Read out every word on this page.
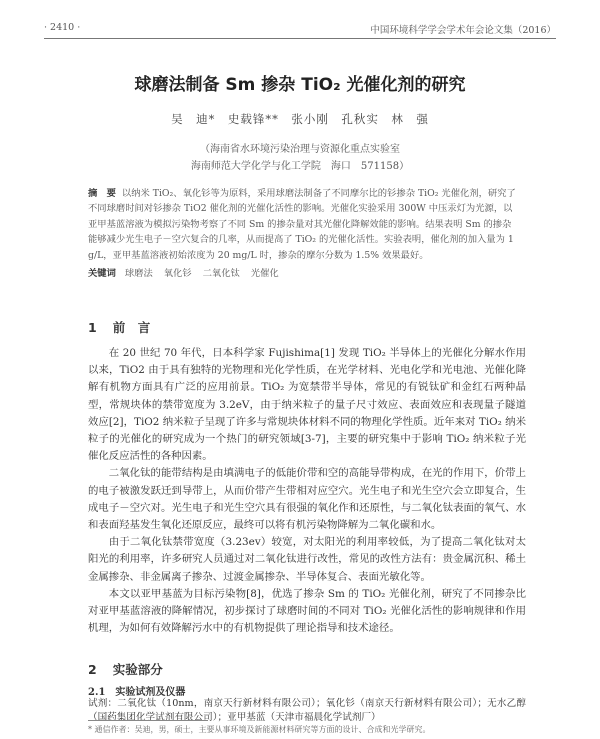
· 2410 ·	中国环境科学学会学术年会论文集（2016）
球磨法制备 Sm 掺杂 TiO₂ 光催化剂的研究
吴　迪*　史载锋**　张小刚　孔秋实　林　强
（海南省水环境污染治理与资源化重点实验室
海南师范大学化学与化工学院　海口　571158）
摘　要 以纳米 TiO₂、氧化钐等为原料，采用球磨法制备了不同摩尔比的钐掺杂 TiO₂ 光催化剂，研究了不同球磨时间对钐掺杂 TiO2 催化剂的光催化活性的影响。光催化实验采用 300W 中压汞灯为光源，以亚甲基蓝溶液为模拟污染物考察了不同 Sm 的掺杂量对其光催化降解效能的影响。结果表明 Sm 的掺杂能够减少光生电子－空穴复合的几率，从而提高了 TiO₂ 的光催化活性。实验表明，催化剂的加入量为 1 g/L，亚甲基蓝溶液初始浓度为 20 mg/L 时，掺杂的摩尔分数为 1.5% 效果最好。
关键词 球磨法 氧化钐 二氧化钛 光催化
1 前　言

在 20 世纪 70 年代，日本科学家 Fujishima[1] 发现 TiO₂ 半导体上的光催化分解水作用以来，TiO2 由于具有独特的光物理和光化学性质，在光学材料、光电化学和光电池、光催化降解有机物方面具有广泛的应用前景。TiO₂ 为宽禁带半导体，常见的有锐钛矿和金红石两种晶型，常规块体的禁带宽度为 3.2eV，由于纳米粒子的量子尺寸效应、表面效应和表现量子隧道效应[2]，TiO2 纳米粒子呈现了许多与常规块体材料不同的物理化学性质。近年来对 TiO₂ 纳米粒子的光催化的研究成为一个热门的研究领域[3-7]，主要的研究集中于影响 TiO₂ 纳米粒子光催化反应活性的各种因素。

二氧化钛的能带结构是由填满电子的低能价带和空的高能导带构成，在光的作用下，价带上的电子被激发跃迁到导带上，从而价带产生带相对应空穴。光生电子和光生空穴会立即复合，生成电子－空穴对。光生电子和光生空穴具有很强的氧化作和还原性，与二氧化钛表面的氧气、水和表面羟基发生氧化还原反应，最终可以将有机污染物降解为二氧化碳和水。

由于二氧化钛禁带宽度（3.23ev）较宽，对太阳光的利用率较低，为了提高二氧化钛对太阳光的利用率，许多研究人员通过对二氧化钛进行改性，常见的改性方法有：贵金属沉积、稀土金属掺杂、非金属离子掺杂、过渡金属掺杂、半导体复合、表面光敏化等。

本文以亚甲基蓝为目标污染物[8]，优选了掺杂 Sm 的 TiO₂ 光催化剂，研究了不同掺杂比对亚甲基蓝溶液的降解情况，初步探讨了球磨时间的不同对 TiO₂ 光催化活性的影响规律和作用机理，为如何有效降解污水中的有机物提供了理论指导和技术途径。

2 实验部分
2.1 实验试剂及仪器

试剂：二氧化钛（10nm，南京天行新材料有限公司）；氧化钐（南京天行新材料有限公司）；无水乙醇（国药集团化学试剂有限公司）；亚甲基蓝（天津市福晨化学试剂厂）

* 通信作者：吴迪，男，硕士，主要从事环境及新能源材料研究等方面的设计、合成和光学研究。
